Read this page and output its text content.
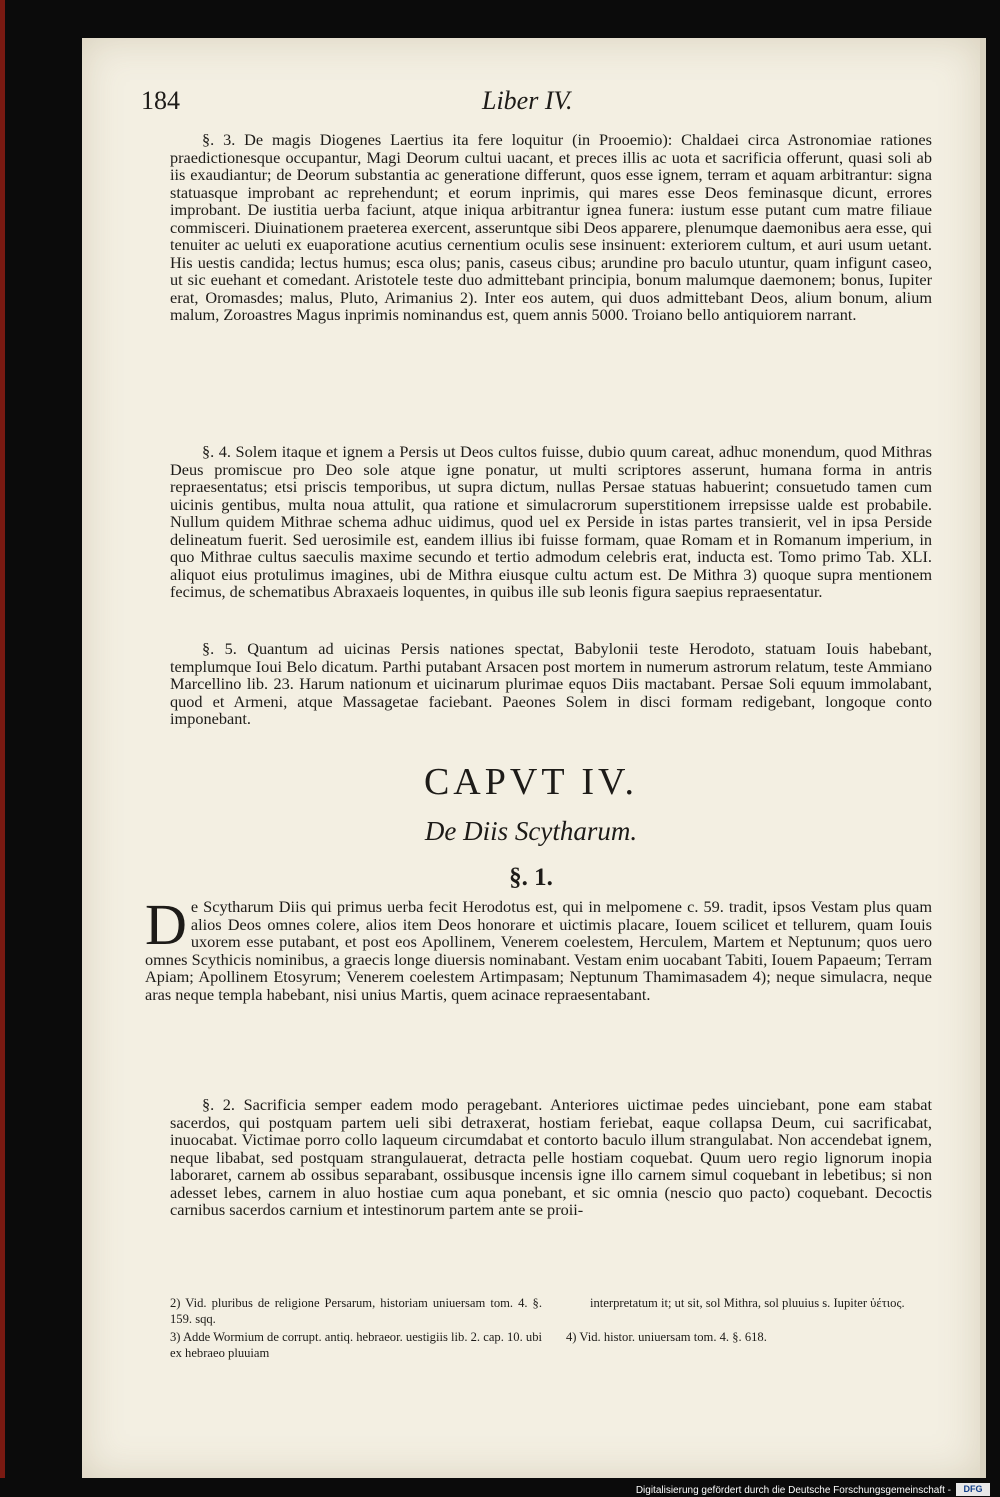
184	Liber IV.

§. 3. De magis Diogenes Laertius ita fere loquitur (in Prooemio): Chaldaei circa Astronomiae rationes praedictionesque occupantur, Magi Deorum cultui uacant, et preces illis ac uota et sacrificia offerunt, quasi soli ab iis exaudiantur; de Deorum substantia ac generatione differunt, quos esse ignem, terram et aquam arbitrantur: signa statuasque improbant ac reprehendunt; et eorum inprimis, qui mares esse Deos feminasque dicunt, errores improbant. De iustitia uerba faciunt, atque iniqua arbitrantur ignea funera: iustum esse putant cum matre filiaue commisceri. Diuinationem praeterea exercent, asseruntque sibi Deos apparere, plenumque daemonibus aera esse, qui tenuiter ac ueluti ex euaporatione acutius cernentium oculis sese insinuent: exteriorem cultum, et auri usum uetant. His uestis candida; lectus humus; esca olus; panis, caseus cibus; arundine pro baculo utuntur, quam infigunt caseo, ut sic euehant et comedant. Aristotele teste duo admittebant principia, bonum malumque daemonem; bonus, Iupiter erat, Oromasdes; malus, Pluto, Arimanius 2). Inter eos autem, qui duos admittebant Deos, alium bonum, alium malum, Zoroastres Magus inprimis nominandus est, quem annis 5000. Troiano bello antiquiorem narrant.

§. 4. Solem itaque et ignem a Persis ut Deos cultos fuisse, dubio quum careat, adhuc monendum, quod Mithras Deus promiscue pro Deo sole atque igne ponatur, ut multi scriptores asserunt, humana forma in antris repraesentatus; etsi priscis temporibus, ut supra dictum, nullas Persae statuas habuerint; consuetudo tamen cum uicinis gentibus, multa noua attulit, qua ratione et simulacrorum superstitionem irrepsisse ualde est probabile. Nullum quidem Mithrae schema adhuc uidimus, quod uel ex Perside in istas partes transierit, vel in ipsa Perside delineatum fuerit. Sed uerosimile est, eandem illius ibi fuisse formam, quae Romam et in Romanum imperium, in quo Mithrae cultus saeculis maxime secundo et tertio admodum celebris erat, inducta est. Tomo primo Tab. XLI. aliquot eius protulimus imagines, ubi de Mithra eiusque cultu actum est. De Mithra 3) quoque supra mentionem fecimus, de schematibus Abraxaeis loquentes, in quibus ille sub leonis figura saepius repraesentatur.

§. 5. Quantum ad uicinas Persis nationes spectat, Babylonii teste Herodoto, statuam Iouis habebant, templumque Ioui Belo dicatum. Parthi putabant Arsacen post mortem in numerum astrorum relatum, teste Ammiano Marcellino lib. 23. Harum nationum et uicinarum plurimae equos Diis mactabant. Persae Soli equum immolabant, quod et Armeni, atque Massagetae faciebant. Paeones Solem in disci formam redigebant, longoque conto imponebant.

CAPVT IV.
De Diis Scytharum.
§. 1.

De Scytharum Diis qui primus uerba fecit Herodotus est, qui in melpomene c. 59. tradit, ipsos Vestam plus quam alios Deos omnes colere, alios item Deos honorare et uictimis placare, Iouem scilicet et tellurem, quam Iouis uxorem esse putabant, et post eos Apollinem, Venerem coelestem, Herculem, Martem et Neptunum; quos uero omnes Scythicis nominibus, a graecis longe diuersis nominabant. Vestam enim uocabant Tabiti, Iouem Papaeum; Terram Apiam; Apollinem Etosyrum; Venerem coelestem Artimpasam; Neptunum Thamimasadem 4); neque simulacra, neque aras neque templa habebant, nisi unius Martis, quem acinace repraesentabant.

§. 2. Sacrificia semper eadem modo peragebant. Anteriores uictimae pedes uinciebant, pone eam stabat sacerdos, qui postquam partem ueli sibi detraxerat, hostiam feriebat, eaque collapsa Deum, cui sacrificabat, inuocabat. Victimae porro collo laqueum circumdabat et contorto baculo illum strangulabat. Non accendebat ignem, neque libabat, sed postquam strangulauerat, detracta pelle hostiam coquebat. Quum uero regio lignorum inopia laboraret, carnem ab ossibus separabant, ossibusque incensis igne illo carnem simul coquebant in lebetibus; si non adesset lebes, carnem in aluo hostiae cum aqua ponebant, et sic omnia (nescio quo pacto) coquebant. Decoctis carnibus sacerdos carnium et intestinorum partem ante se proii-

2) Vid. pluribus de religione Persarum, historiam uniuersam tom. 4. §. 159. sqq.

3) Adde Wormium de corrupt. antiq. hebraeor. uestigiis lib. 2. cap. 10. ubi ex hebraeo pluuiam

interpretatum it; ut sit, sol Mithra, sol pluuius s. Iupiter ὑέτιος.

4) Vid. histor. uniuersam tom. 4. §. 618.

Digitalisierung gefördert durch die Deutsche Forschungsgemeinschaft -	DFG
